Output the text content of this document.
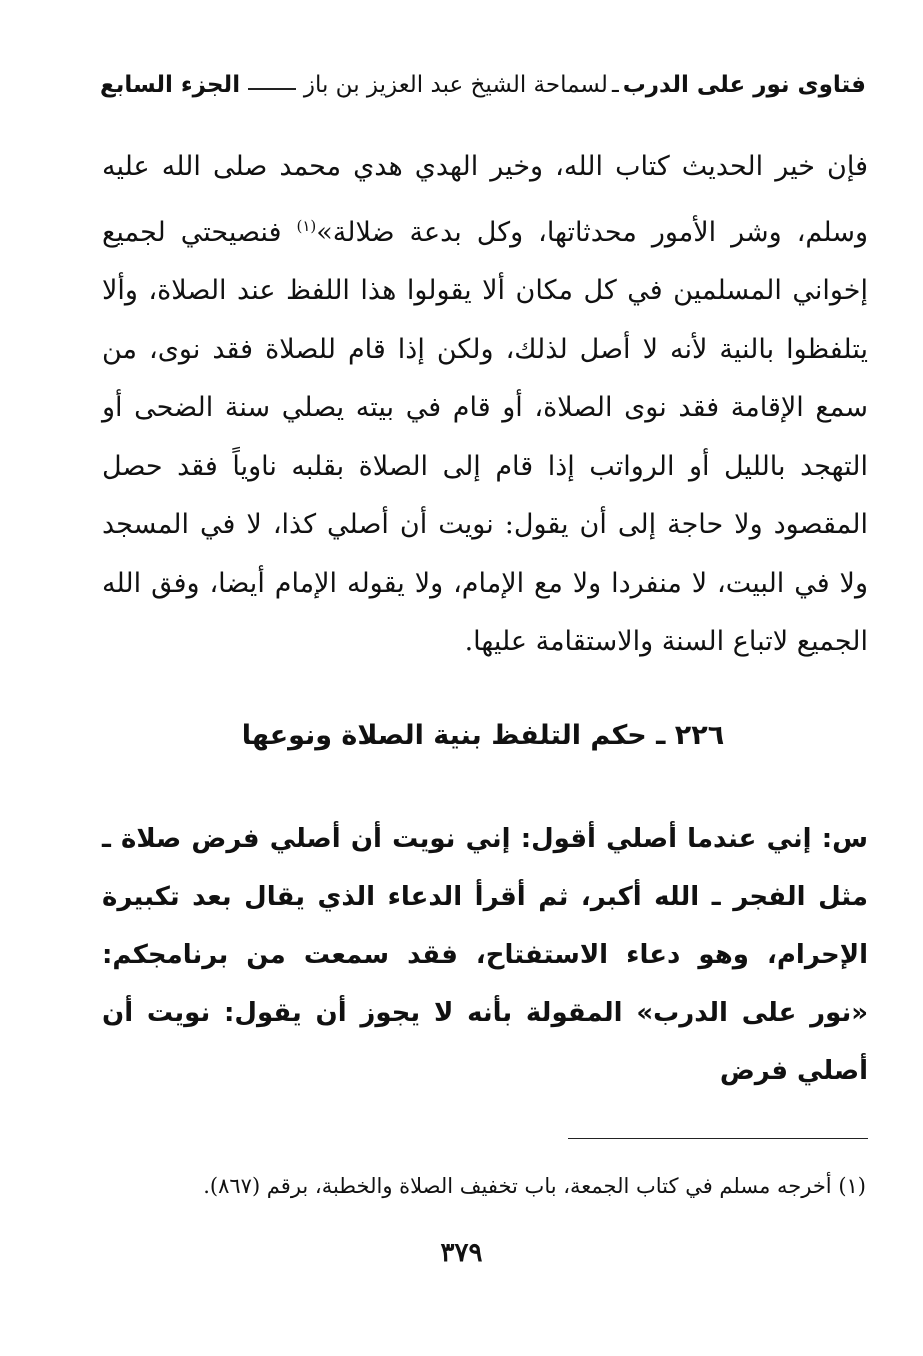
فتاوى نور على الدرب
ـ
لسماحة الشيخ عبد العزيز بن باز
الجزء السابع
فإن خير الحديث كتاب الله، وخير الهدي هدي محمد صلى الله عليه وسلم، وشر الأمور محدثاتها، وكل بدعة ضلالة»$^{(١)}$ فنصيحتي لجميع إخواني المسلمين في كل مكان ألا يقولوا هذا اللفظ عند الصلاة، وألا يتلفظوا بالنية لأنه لا أصل لذلك، ولكن إذا قام للصلاة فقد نوى، من سمع الإقامة فقد نوى الصلاة، أو قام في بيته يصلي سنة الضحى أو التهجد بالليل أو الرواتب إذا قام إلى الصلاة بقلبه ناوياً فقد حصل المقصود ولا حاجة إلى أن يقول: نويت أن أصلي كذا، لا في المسجد ولا في البيت، لا منفردا ولا مع الإمام، ولا يقوله الإمام أيضا، وفق الله الجميع لاتباع السنة والاستقامة عليها.
٢٢٦ ـ حكم التلفظ بنية الصلاة ونوعها
س: إني عندما أصلي أقول: إني نويت أن أصلي فرض صلاة ـ مثل الفجر ـ الله أكبر، ثم أقرأ الدعاء الذي يقال بعد تكبيرة الإحرام، وهو دعاء الاستفتاح، فقد سمعت من برنامجكم: «نور على الدرب» المقولة بأنه لا يجوز أن يقول: نويت أن أصلي فرض
(١) أخرجه مسلم في كتاب الجمعة، باب تخفيف الصلاة والخطبة، برقم (٨٦٧).
٣٧٩
